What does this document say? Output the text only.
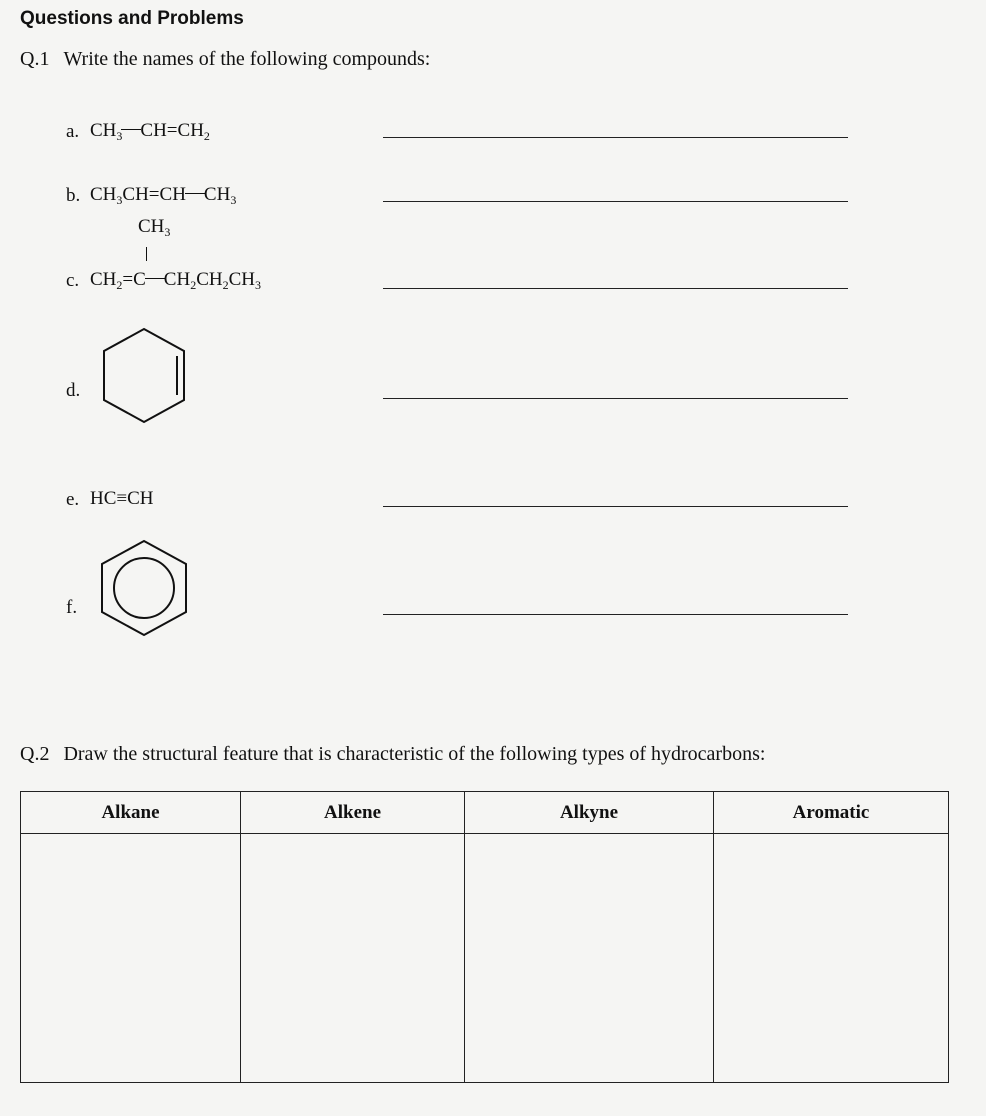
Questions and Problems
Q.1 Write the names of the following compounds:
a. $CH_3$ $CH=CH_2$
b. $CH_3CH=CH$ $CH_3$
$CH_3$
c. $CH_2=C$ $CH_2CH_2CH_3$
d.
e. HC≡CH
f.
Q.2 Draw the structural feature that is characteristic of the following types of hydrocarbons:
Alkane	Alkene	Alkyne	Aromatic
